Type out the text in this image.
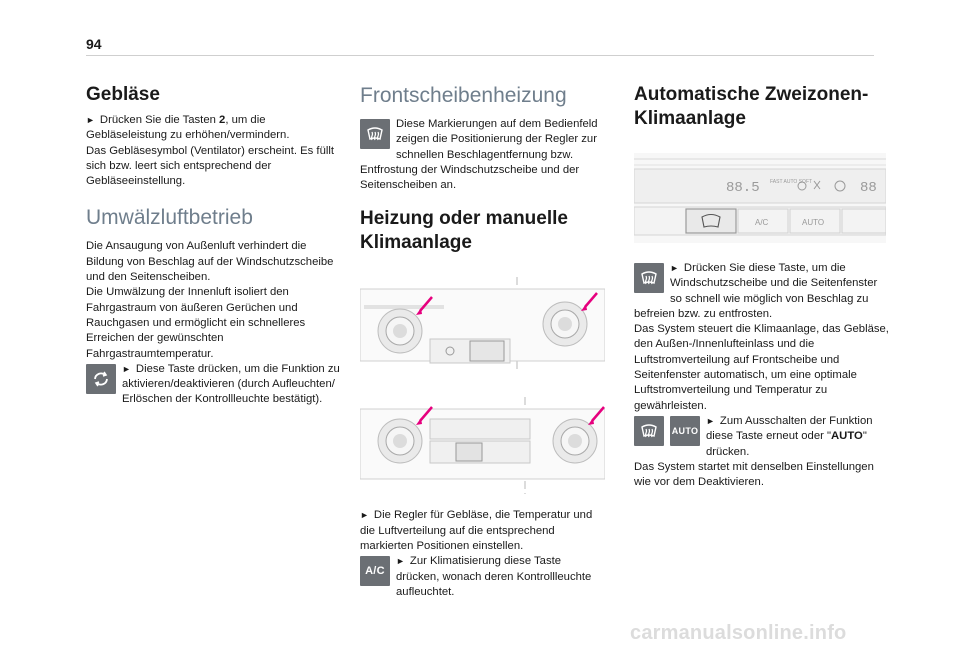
94
Gebläse

► Drücken Sie die Tasten 2, um die Gebläseleistung zu erhöhen/vermindern.

Das Gebläsesymbol (Ventilator) erscheint. Es füllt sich bzw. leert sich entsprechend der Gebläseeinstellung.

Umwälzluftbetrieb

Die Ansaugung von Außenluft verhindert die Bildung von Beschlag auf der Windschutzscheibe und den Seitenscheiben.

Die Umwälzung der Innenluft isoliert den Fahrgastraum von äußeren Gerüchen und Rauchgasen und ermöglicht ein schnelleres Erreichen der gewünschten Fahrgastraumtemperatur.

► Diese Taste drücken, um die Funktion zu aktivieren/deaktivieren (durch Aufleuchten/ Erlöschen der Kontrollleuchte bestätigt).

Frontscheibenheizung

Diese Markierungen auf dem Bedienfeld zeigen die Positionierung der Regler zur schnellen Beschlagentfernung bzw. Entfrostung der Windschutzscheibe und der Seitenscheiben an.

Heizung oder manuelle Klimaanlage

► Die Regler für Gebläse, die Temperatur und die Luftverteilung auf die entsprechend markierten Positionen einstellen.

A/C

► Zur Klimatisierung diese Taste drücken, wonach deren Kontrollleuchte aufleuchtet.

Automatische Zweizonen-Klimaanlage
88.5 FAST AUTO SOFT	88
A/C	AUTO

► Drücken Sie diese Taste, um die Windschutzscheibe und die Seitenfenster so schnell wie möglich von Beschlag zu befreien bzw. zu entfrosten.

Das System steuert die Klimaanlage, das Gebläse, den Außen-/Innenlufteinlass und die Luftstromverteilung auf Frontscheibe und Seitenfenster automatisch, um eine optimale Luftstromverteilung und Temperatur zu gewährleisten.

AUTO

► Zum Ausschalten der Funktion diese Taste erneut oder "AUTO" drücken.

Das System startet mit denselben Einstellungen wie vor dem Deaktivieren.

carmanualsonline.info
